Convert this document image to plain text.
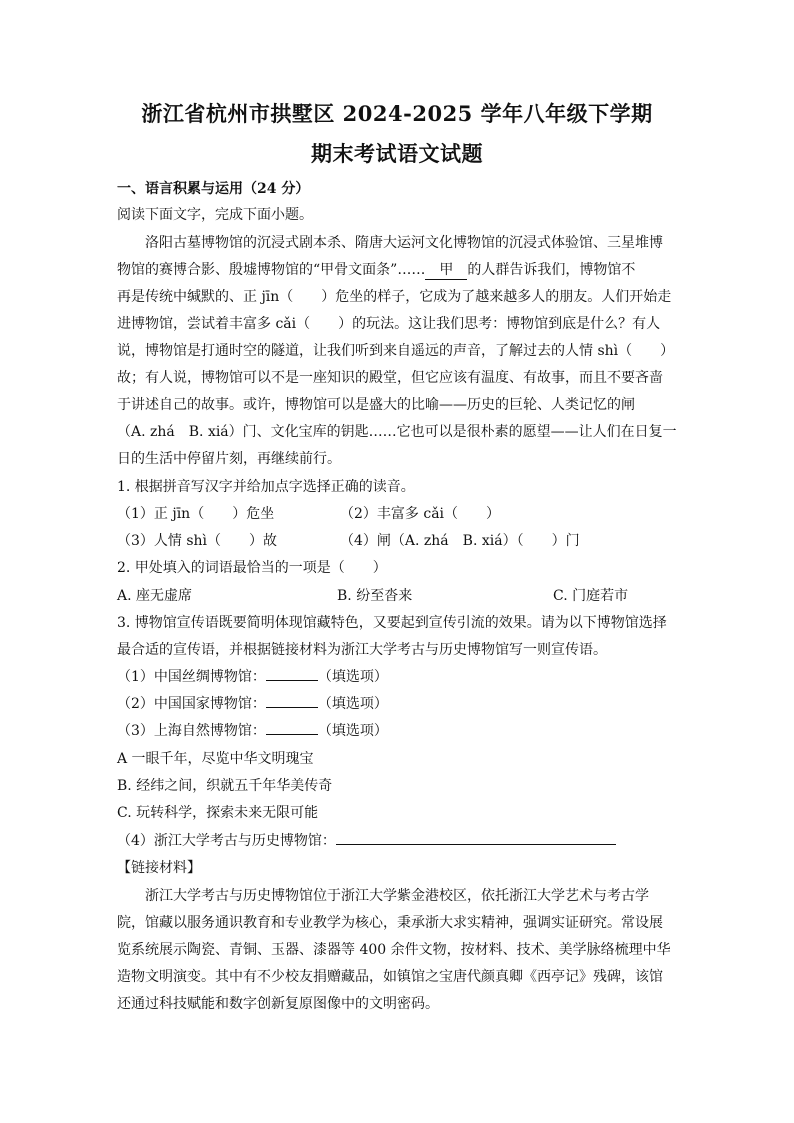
浙江省杭州市拱墅区 2024-2025 学年八年级下学期
期末考试语文试题
一、语言积累与运用（24 分）
阅读下面文字，完成下面小题。
洛阳古墓博物馆的沉浸式剧本杀、隋唐大运河文化博物馆的沉浸式体验馆、三星堆博
物馆的赛博合影、殷墟博物馆的“甲骨文面条”…… 甲 的人群告诉我们，博物馆不
再是传统中缄默的、正 jīn（　　）危坐的样子，它成为了越来越多人的朋友。人们开始走
进博物馆，尝试着丰富多 cǎi（　　）的玩法。这让我们思考：博物馆到底是什么？有人
说，博物馆是打通时空的隧道，让我们听到来自遥远的声音，了解过去的人情 shì（　　）
故；有人说，博物馆可以不是一座知识的殿堂，但它应该有温度、有故事，而且不要吝啬
于讲述自己的故事。或许，博物馆可以是盛大的比喻——历史的巨轮、人类记忆的闸
（A. zhá　B. xiá）门、文化宝库的钥匙……它也可以是很朴素的愿望——让人们在日复一
日的生活中停留片刻，再继续前行。
1. 根据拼音写汉字并给加点字选择正确的读音。
（1）正 jīn（　　）危坐	（2）丰富多 cǎi（　　）
（3）人情 shì（　　）故	（4）闸（A. zhá　B. xiá）（　　）门
2. 甲处填入的词语最恰当的一项是（　　）
A. 座无虚席	B. 纷至沓来	C. 门庭若市
3. 博物馆宣传语既要简明体现馆藏特色，又要起到宣传引流的效果。请为以下博物馆选择
最合适的宣传语，并根据链接材料为浙江大学考古与历史博物馆写一则宣传语。
（1）中国丝绸博物馆：	（填选项）
（2）中国国家博物馆：	（填选项）
（3）上海自然博物馆：	（填选项）
A 一眼千年，尽览中华文明瑰宝
B. 经纬之间，织就五千年华美传奇
C. 玩转科学，探索未来无限可能
（4）浙江大学考古与历史博物馆：
【链接材料】
浙江大学考古与历史博物馆位于浙江大学紫金港校区，依托浙江大学艺术与考古学
院，馆藏以服务通识教育和专业教学为核心，秉承浙大求实精神，强调实证研究。常设展
览系统展示陶瓷、青铜、玉器、漆器等 400 余件文物，按材料、技术、美学脉络梳理中华
造物文明演变。其中有不少校友捐赠藏品，如镇馆之宝唐代颜真卿《西亭记》残碑，该馆
还通过科技赋能和数字创新复原图像中的文明密码。
